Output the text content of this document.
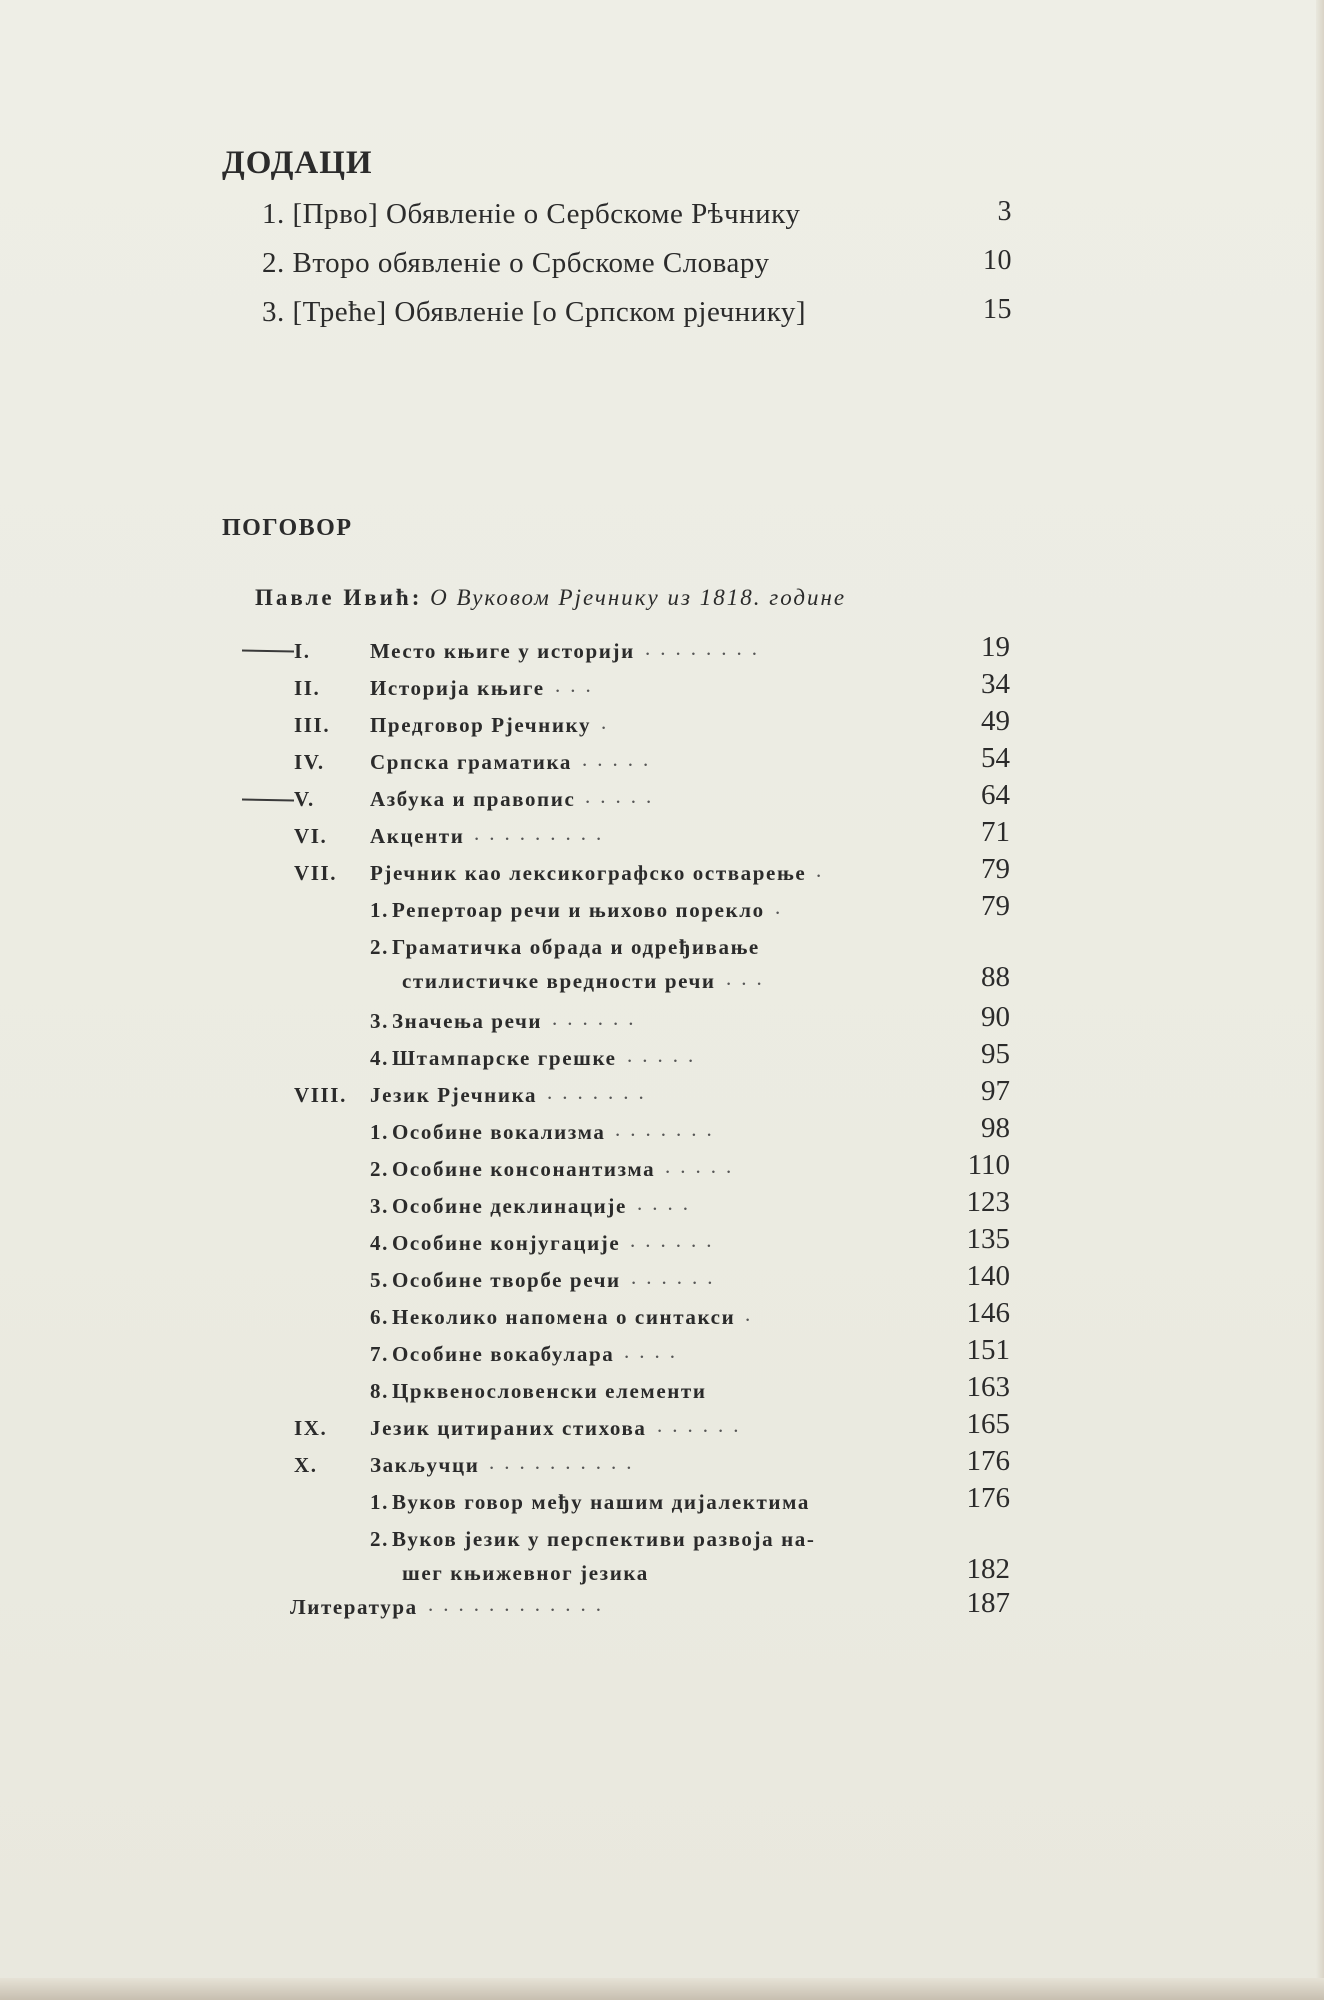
ДОДАЦИ
1. [Прво] Обявленіе о Сербскоме Рѣчнику	3
2. Второ обявленіе о Србскоме Словару	10
3. [Треће] Обявленіе [о Српском рјечнику]	15
ПОГОВОР
Павле Ивић: О Вуковом Рјечнику из 1818. године
I.	Место књиге у историји ........	19
II. Историја књиге ...	34
III. Предговор Рјечнику .	49
IV. Српска граматика .....	54
V.	Азбука и правопис .....	64
VI. Акценти .........	71
VII. Рјечник као лексикографско остварење .	79
1. Репертоар речи и њихово порекло .	79
2. Граматичка обрада и одређивање
стилистичке вредности речи ...	88
3. Значења речи ......	90
4. Штампарске грешке .....	95
VIII. Језик Рјечника .......	97
1. Особине вокализма .......	98
2. Особине консонантизма .....	110
3. Особине деклинације ....	123
4. Особине конјугације ......	135
5. Особине творбе речи ......	140
6. Неколико напомена о синтакси .	146
7. Особине вокабулара ....	151
8. Црквенословенски елементи	163
IX. Језик цитираних стихова ......	165
X. Закључци ..........	176
1. Вуков говор међу нашим дијалектима	176
2. Вуков језик у перспективи развоја на-
шег књижевног језика	182
Литература ............	187
